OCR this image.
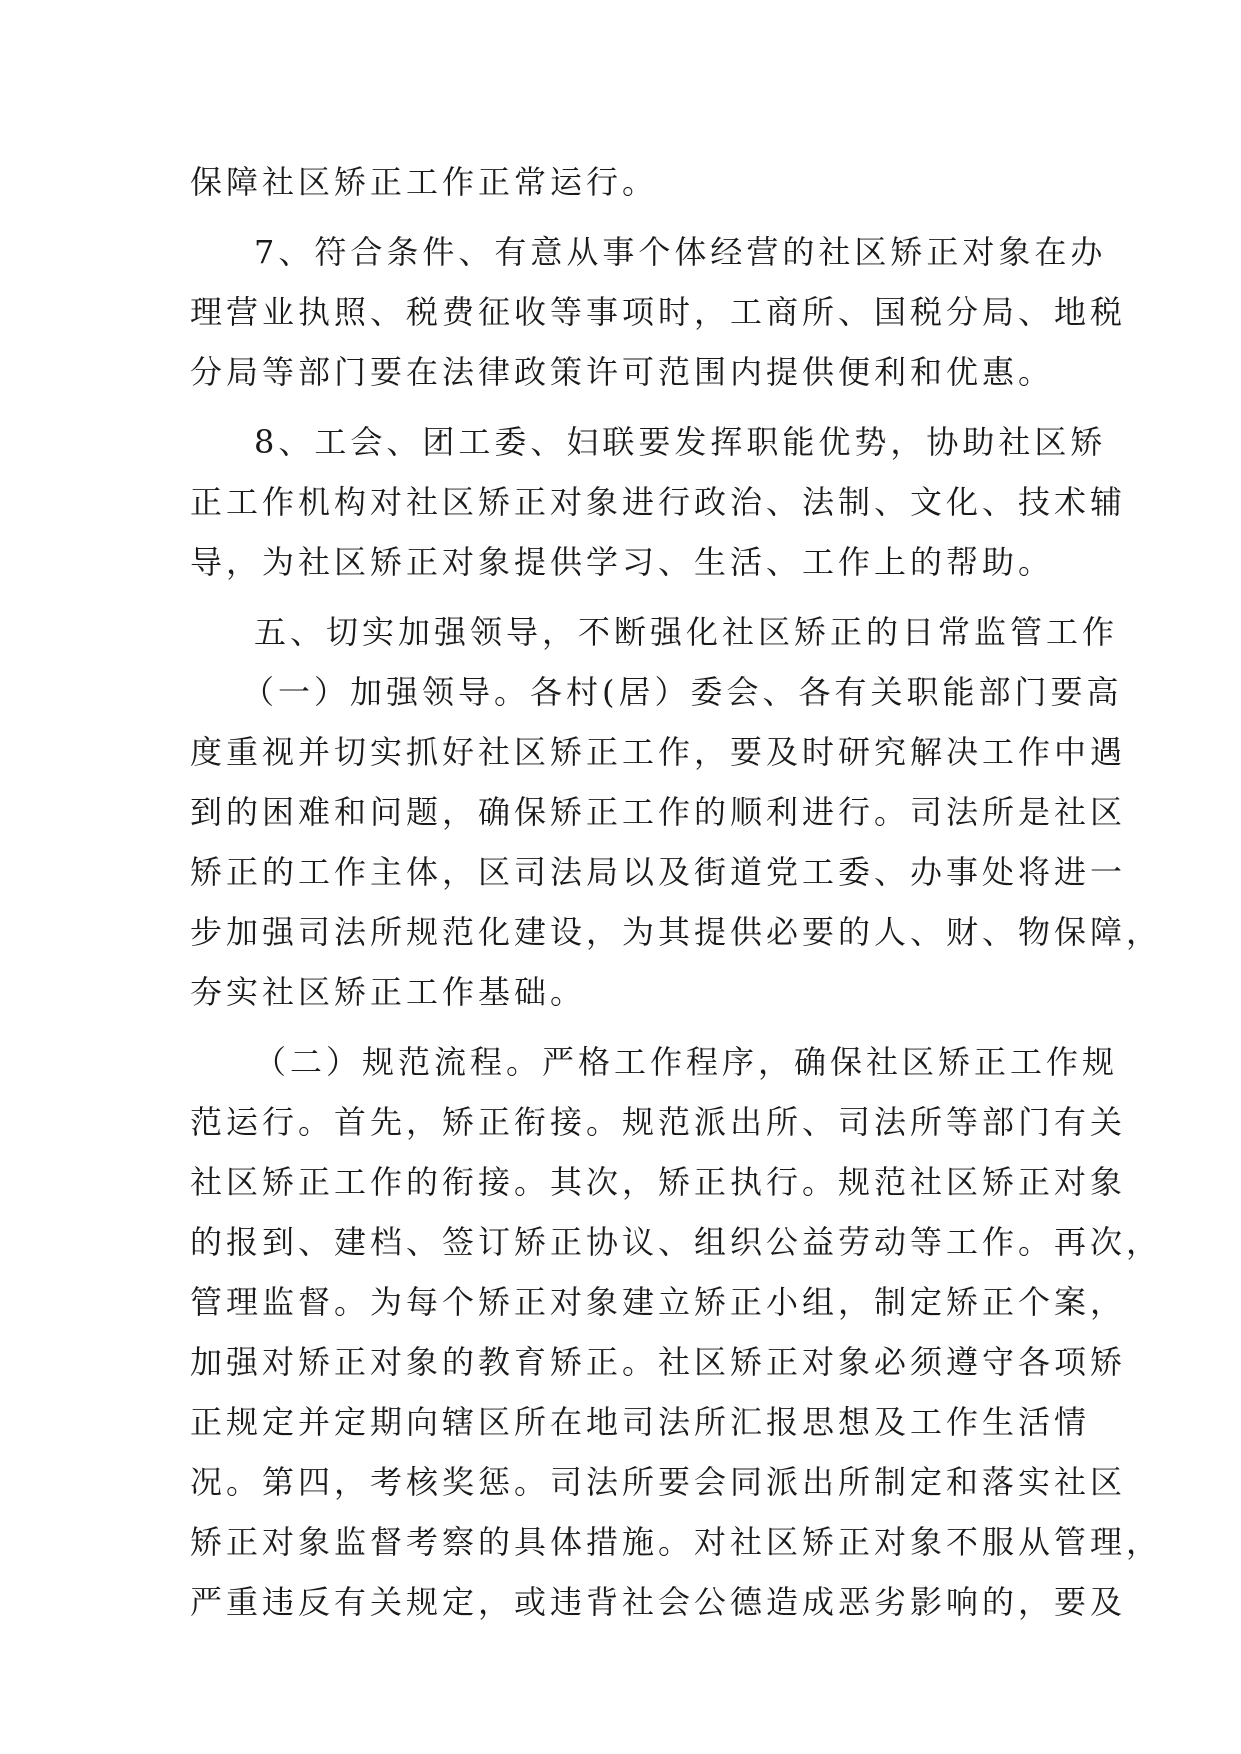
保障社区矫正工作正常运行。
7、符合条件、有意从事个体经营的社区矫正对象在办
理营业执照、税费征收等事项时，工商所、国税分局、地税
分局等部门要在法律政策许可范围内提供便利和优惠。
8、工会、团工委、妇联要发挥职能优势，协助社区矫
正工作机构对社区矫正对象进行政治、法制、文化、技术辅
导，为社区矫正对象提供学习、生活、工作上的帮助。
五、切实加强领导，不断强化社区矫正的日常监管工作
（一）加强领导。各村(居）委会、各有关职能部门要高
度重视并切实抓好社区矫正工作，要及时研究解决工作中遇
到的困难和问题，确保矫正工作的顺利进行。司法所是社区
矫正的工作主体，区司法局以及街道党工委、办事处将进一
步加强司法所规范化建设，为其提供必要的人、财、物保障，
夯实社区矫正工作基础。
（二）规范流程。严格工作程序，确保社区矫正工作规
范运行。首先，矫正衔接。规范派出所、司法所等部门有关
社区矫正工作的衔接。其次，矫正执行。规范社区矫正对象
的报到、建档、签订矫正协议、组织公益劳动等工作。再次，
管理监督。为每个矫正对象建立矫正小组，制定矫正个案，
加强对矫正对象的教育矫正。社区矫正对象必须遵守各项矫
正规定并定期向辖区所在地司法所汇报思想及工作生活情
况。第四，考核奖惩。司法所要会同派出所制定和落实社区
矫正对象监督考察的具体措施。对社区矫正对象不服从管理，
严重违反有关规定，或违背社会公德造成恶劣影响的，要及
